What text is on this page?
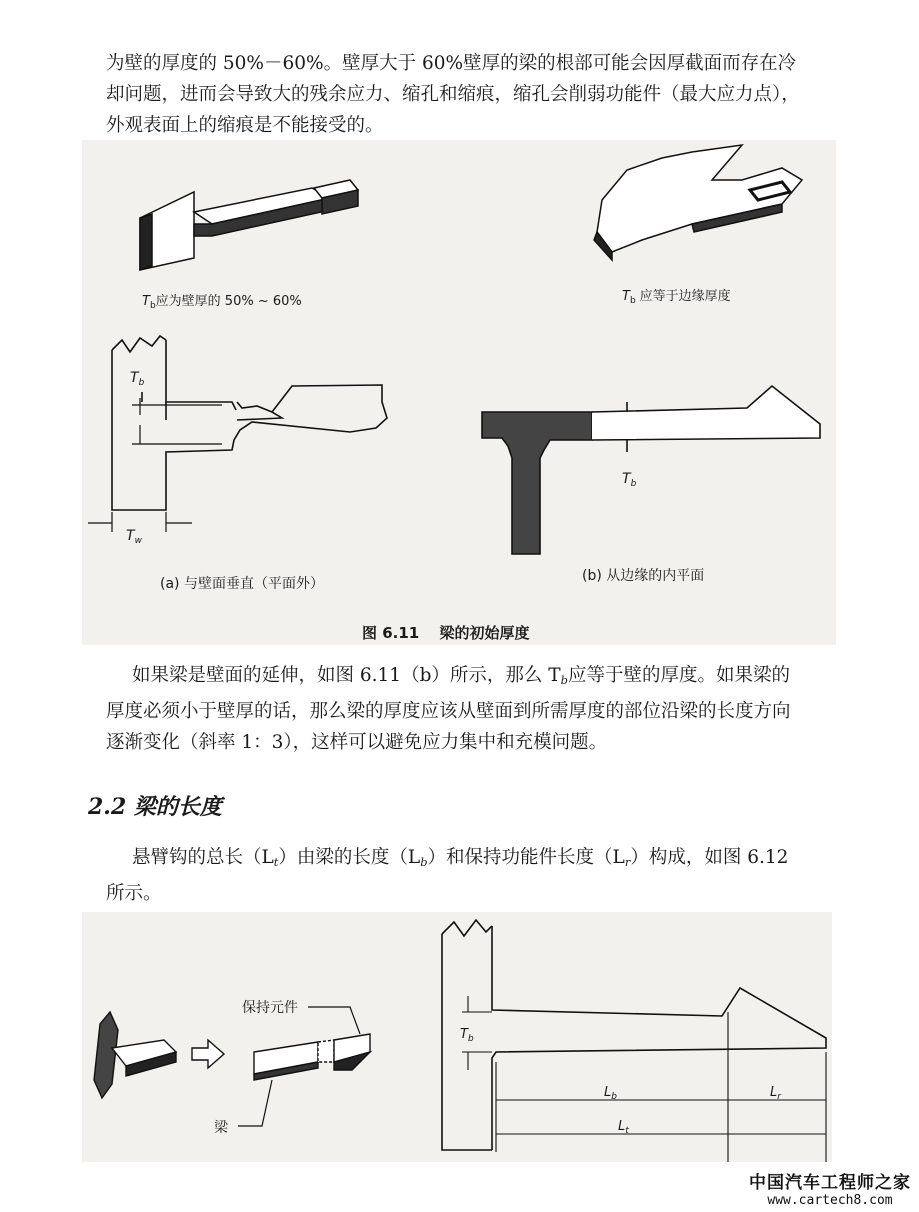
为壁的厚度的 50%－60%。壁厚大于 60%壁厚的梁的根部可能会因厚截面而存在冷
却问题，进而会导致大的残余应力、缩孔和缩痕，缩孔会削弱功能件（最大应力点），
外观表面上的缩痕是不能接受的。

$T_b$应为壁厚的 50% ~ 60%	$T_b$ 应等于边缘厚度
$T_b$
$T_w$
(a) 与壁面垂直（平面外）
$T_b$
(b) 从边缘的内平面
图 6.11　 梁的初始厚度

如果梁是壁面的延伸，如图 6.11（b）所示，那么 $T_b$应等于壁的厚度。如果梁的
厚度必须小于壁厚的话，那么梁的厚度应该从壁面到所需厚度的部位沿梁的长度方向
逐渐变化（斜率 1：3），这样可以避免应力集中和充模问题。

2.2 梁的长度

悬臂钩的总长$(L_t)$由梁的长度$(L_b)$和保持功能件长度$(L_r)$构成，如图 6.12
所示。

保持元件
梁
$T_b$
$L_b$	$L_r$
$L_t$
中国汽车工程师之家
www.cartech8.com
